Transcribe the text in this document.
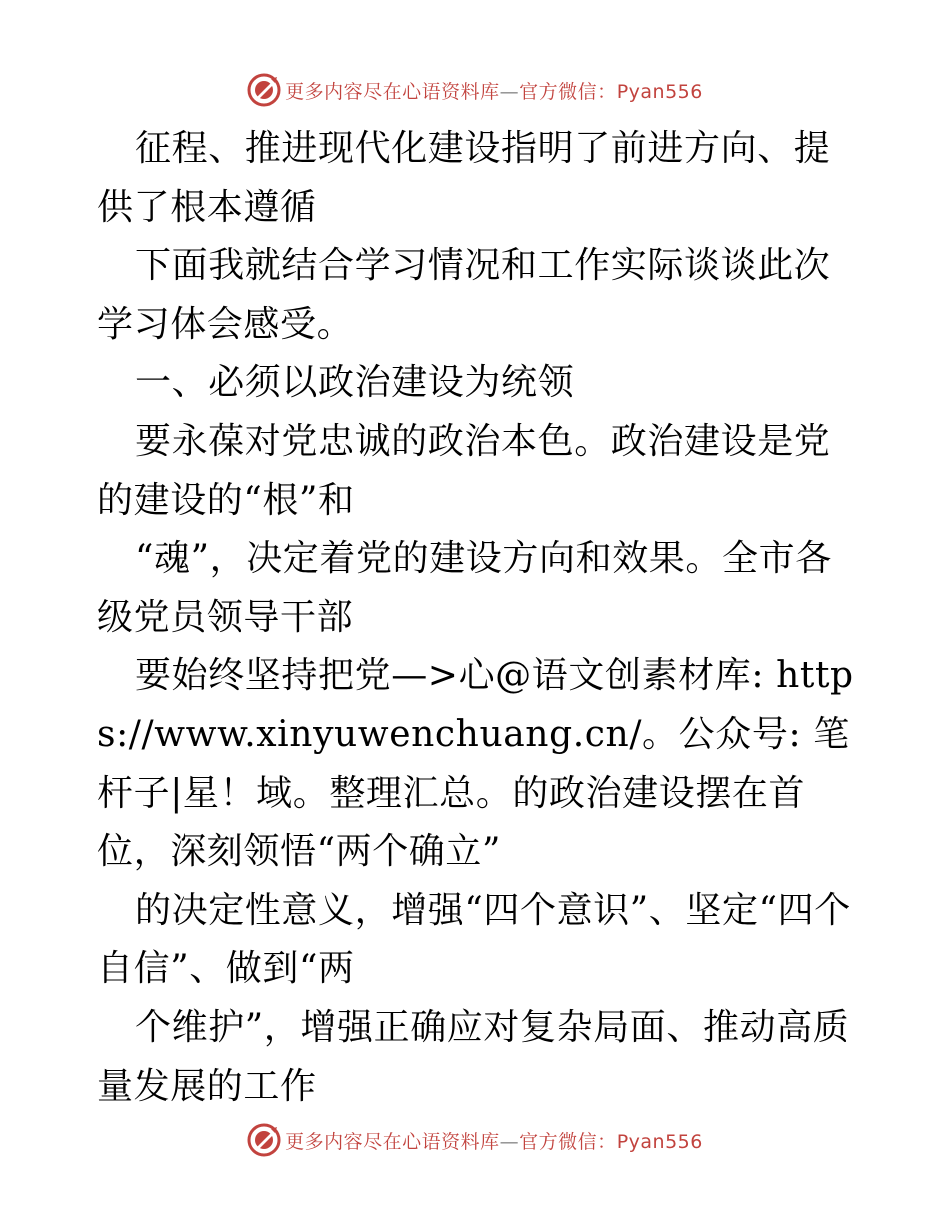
更多内容尽在心语资料库—官方微信：Pyan556

征程、推进现代化建设指明了前进方向、提供了根本遵循

下面我就结合学习情况和工作实际谈谈此次学习体会感受。

一、必须以政治建设为统领

要永葆对党忠诚的政治本色。政治建设是党的建设的“根”和

“魂”，决定着党的建设方向和效果。全市各级党员领导干部

要始终坚持把党—>心@语文创素材库: https://www.xinyuwenchuang.cn/。公众号: 笔杆子|星！域。整理汇总。的政治建设摆在首位，深刻领悟“两个确立”

的决定性意义，增强“四个意识”、坚定“四个自信”、做到“两

个维护”，增强正确应对复杂局面、推动高质量发展的工作

更多内容尽在心语资料库—官方微信：Pyan556
